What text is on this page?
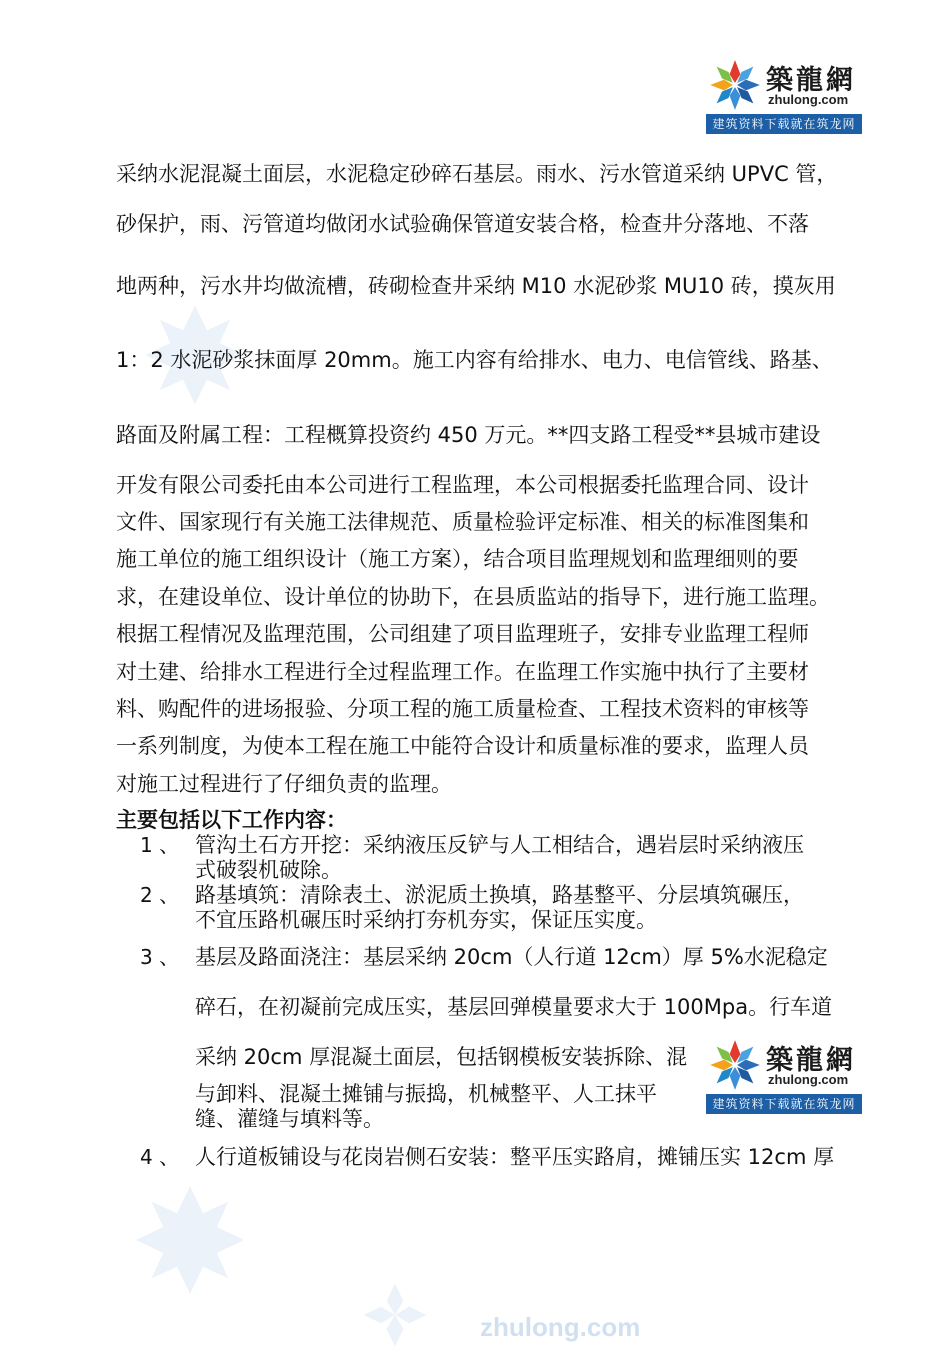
zhulong.com
築龍網
zhulong.com
建筑资料下载就在筑龙网
築龍網
zhulong.com
建筑资料下载就在筑龙网
采纳水泥混凝土面层，水泥稳定砂碎石基层。雨水、污水管道采纳 UPVC 管，
砂保护，雨、污管道均做闭水试验确保管道安装合格，检查井分落地、不落
地两种，污水井均做流槽，砖砌检查井采纳 M10 水泥砂浆 MU10 砖，摸灰用
1：2 水泥砂浆抹面厚 20mm。施工内容有给排水、电力、电信管线、路基、
路面及附属工程：工程概算投资约 450 万元。**四支路工程受**县城市建设
开发有限公司委托由本公司进行工程监理，本公司根据委托监理合同、设计
文件、国家现行有关施工法律规范、质量检验评定标准、相关的标准图集和
施工单位的施工组织设计（施工方案），结合项目监理规划和监理细则的要
求，在建设单位、设计单位的协助下，在县质监站的指导下，进行施工监理。
根据工程情况及监理范围，公司组建了项目监理班子，安排专业监理工程师
对土建、给排水工程进行全过程监理工作。在监理工作实施中执行了主要材
料、购配件的进场报验、分项工程的施工质量检查、工程技术资料的审核等
一系列制度，为使本工程在施工中能符合设计和质量标准的要求，监理人员
对施工过程进行了仔细负责的监理。
主要包括以下工作内容：
1 、 管沟土石方开挖：采纳液压反铲与人工相结合，遇岩层时采纳液压
式破裂机破除。
2 、 路基填筑：清除表土、淤泥质土换填，路基整平、分层填筑碾压，
不宜压路机碾压时采纳打夯机夯实，保证压实度。
3 、 基层及路面浇注：基层采纳 20cm（人行道 12cm）厚 5%水泥稳定
碎石，在初凝前完成压实，基层回弹模量要求大于 100Mpa。行车道
采纳 20cm 厚混凝土面层，包括钢模板安装拆除、混
与卸料、混凝土摊铺与振捣，机械整平、人工抹平
缝、灌缝与填料等。
4 、 人行道板铺设与花岗岩侧石安装：整平压实路肩，摊铺压实 12cm 厚
